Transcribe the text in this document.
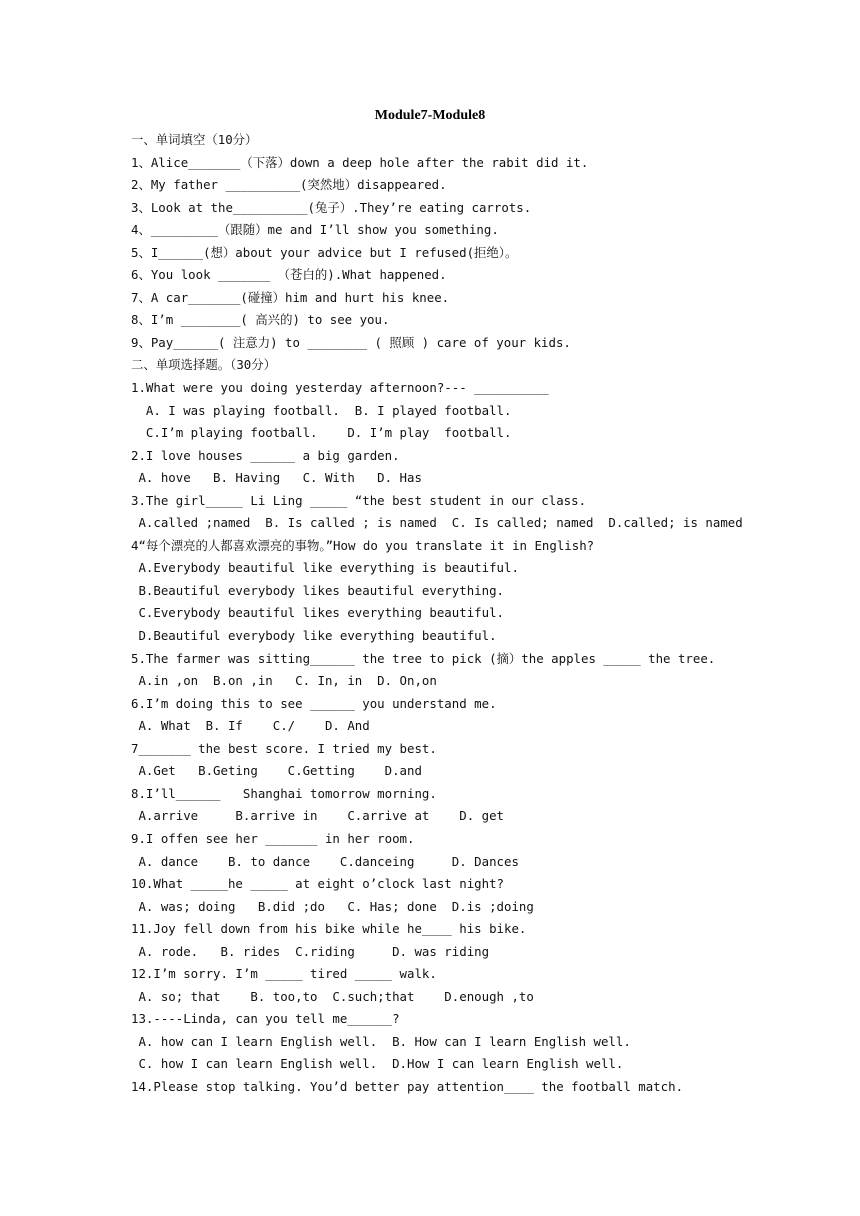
Module7-Module8
一、单词填空（10分）
1、Alice_______（下落）down a deep hole after the rabit did it.
2、My father __________(突然地）disappeared.
3、Look at the__________(兔子）.They’re eating carrots.
4、_________（跟随）me and I’ll show you something.
5、I______(想）about your advice but I refused(拒绝）。
6、You look _______ （苍白的).What happened.
7、A car_______(碰撞）him and hurt his knee.
8、I’m ________( 高兴的) to see you.
9、Pay______( 注意力) to ________ ( 照顾 ) care of your kids.
二、单项选择题。（30分）
1.What were you doing yesterday afternoon?--- __________
A. I was playing football.  B. I played football.
C.I’m playing football.    D. I’m play  football.
2.I love houses ______ a big garden.
A. hove   B. Having   C. With   D. Has
3.The girl_____ Li Ling _____ “the best student in our class.
A.called ;named  B. Is called ; is named  C. Is called; named  D.called; is named
4“每个漂亮的人都喜欢漂亮的事物。”How do you translate it in English?
A.Everybody beautiful like everything is beautiful.
B.Beautiful everybody likes beautiful everything.
C.Everybody beautiful likes everything beautiful.
D.Beautiful everybody like everything beautiful.
5.The farmer was sitting______ the tree to pick (摘）the apples _____ the tree.
A.in ,on  B.on ,in   C. In, in  D. On,on
6.I’m doing this to see ______ you understand me.
A. What  B. If    C./    D. And
7_______ the best score. I tried my best.
A.Get   B.Geting    C.Getting    D.and
8.I’ll______   Shanghai tomorrow morning.
A.arrive     B.arrive in    C.arrive at    D. get
9.I offen see her _______ in her room.
A. dance    B. to dance    C.danceing     D. Dances
10.What _____he _____ at eight o’clock last night?
A. was; doing   B.did ;do   C. Has; done  D.is ;doing
11.Joy fell down from his bike while he____ his bike.
A. rode.   B. rides  C.riding     D. was riding
12.I’m sorry. I’m _____ tired _____ walk.
A. so; that    B. too,to  C.such;that    D.enough ,to
13.----Linda, can you tell me______?
A. how can I learn English well.  B. How can I learn English well.
C. how I can learn English well.  D.How I can learn English well.
14.Please stop talking. You’d better pay attention____ the football match.
